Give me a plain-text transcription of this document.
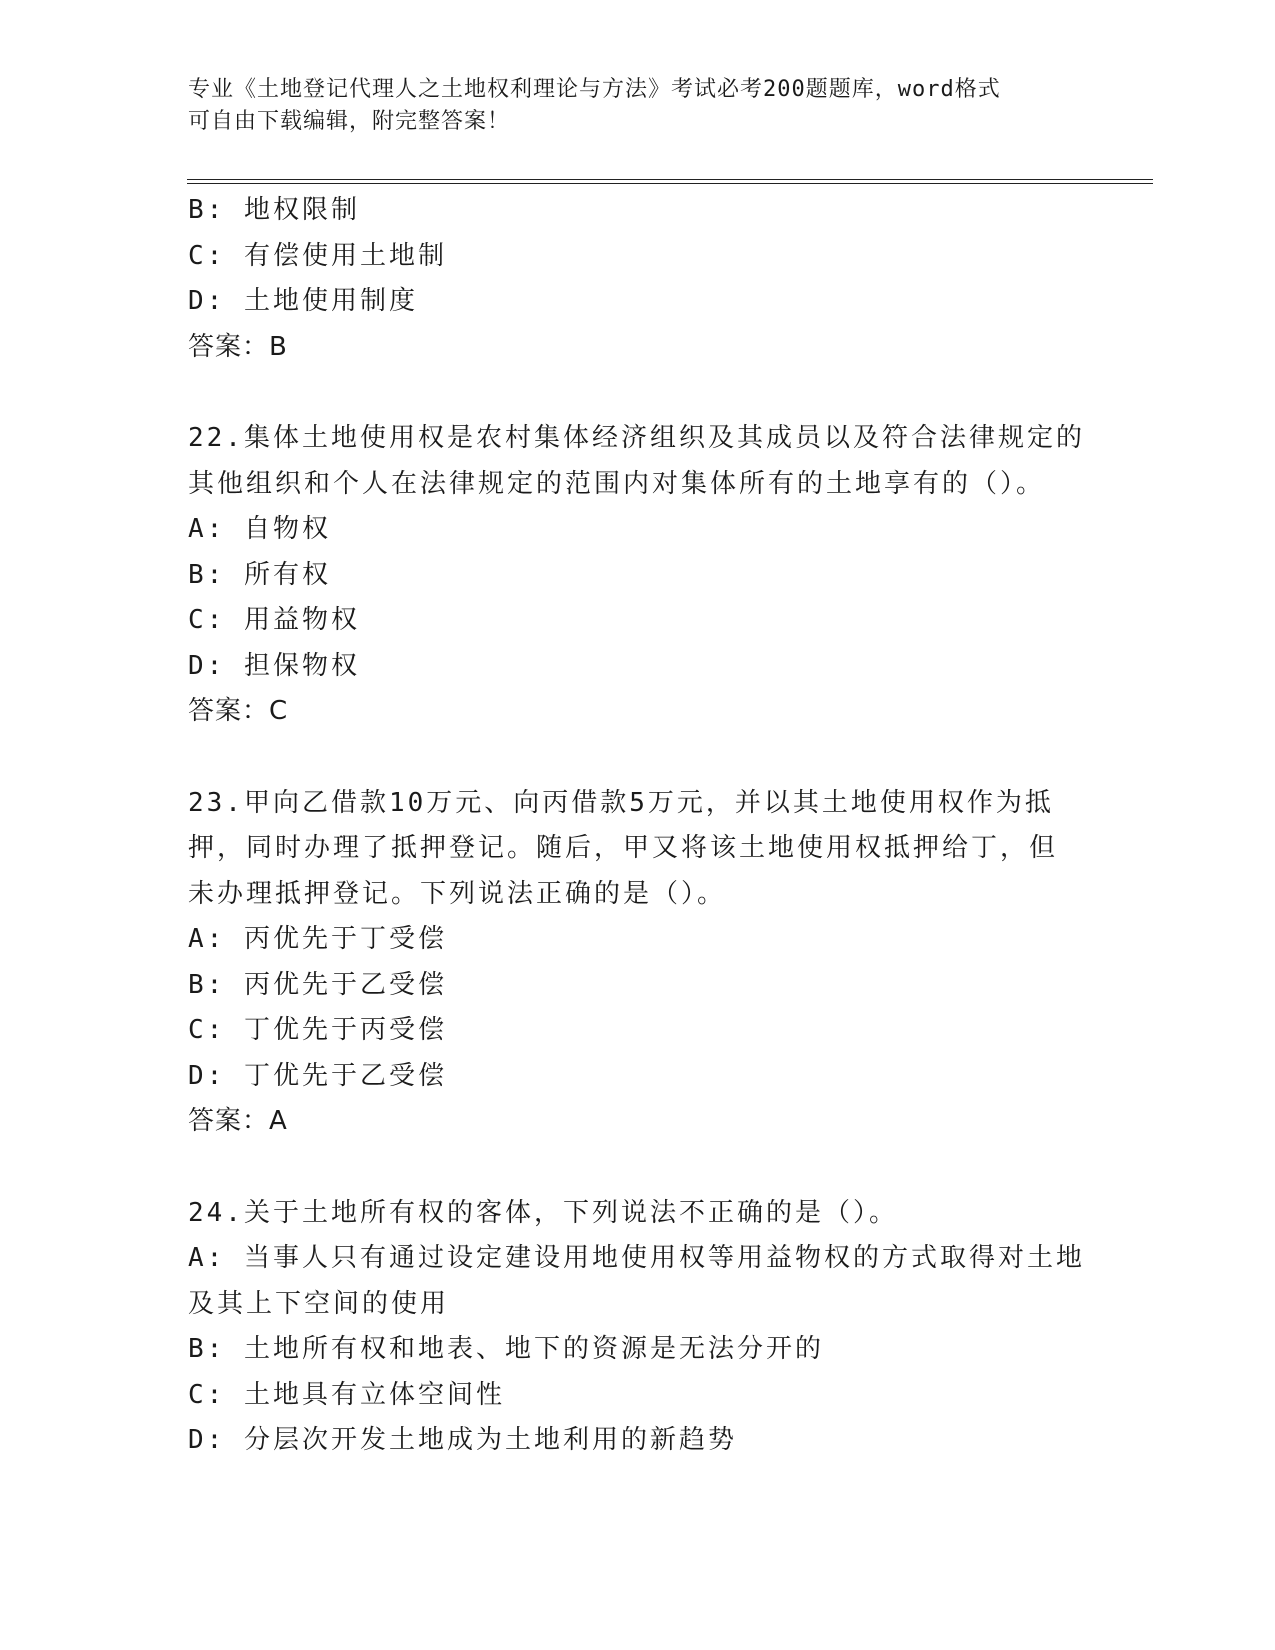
专业《土地登记代理人之土地权利理论与方法》考试必考200题题库，word格式
可自由下载编辑，附完整答案！
B: 地权限制
C: 有偿使用土地制
D: 土地使用制度
答案：B
22.集体土地使用权是农村集体经济组织及其成员以及符合法律规定的
其他组织和个人在法律规定的范围内对集体所有的土地享有的（）。
A: 自物权
B: 所有权
C: 用益物权
D: 担保物权
答案：C
23.甲向乙借款10万元、向丙借款5万元，并以其土地使用权作为抵
押，同时办理了抵押登记。随后，甲又将该土地使用权抵押给丁，但
未办理抵押登记。下列说法正确的是（）。
A: 丙优先于丁受偿
B: 丙优先于乙受偿
C: 丁优先于丙受偿
D: 丁优先于乙受偿
答案：A
24.关于土地所有权的客体，下列说法不正确的是（）。
A: 当事人只有通过设定建设用地使用权等用益物权的方式取得对土地
及其上下空间的使用
B: 土地所有权和地表、地下的资源是无法分开的
C: 土地具有立体空间性
D: 分层次开发土地成为土地利用的新趋势
